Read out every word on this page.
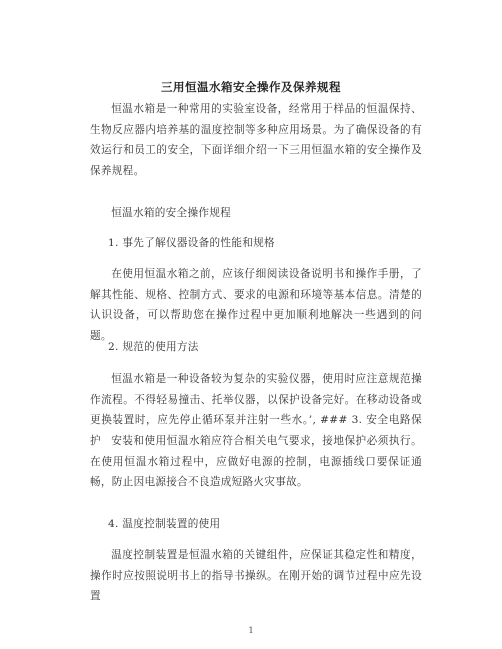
三用恒温水箱安全操作及保养规程

恒温水箱是一种常用的实验室设备，经常用于样品的恒温保持、生物反应器内培养基的温度控制等多种应用场景。为了确保设备的有效运行和员工的安全，下面详细介绍一下三用恒温水箱的安全操作及保养规程。

恒温水箱的安全操作规程

1. 事先了解仪器设备的性能和规格

在使用恒温水箱之前，应该仔细阅读设备说明书和操作手册，了解其性能、规格、控制方式、要求的电源和环境等基本信息。清楚的认识设备，可以帮助您在操作过程中更加顺利地解决一些遇到的问题。

2. 规范的使用方法

恒温水箱是一种设备较为复杂的实验仪器，使用时应注意规范操作流程。不得轻易撞击、托举仪器，以保护设备完好。在移动设备或更换装置时，应先停止循环泵并注射一些水。’, ### 3. 安全电路保护 安装和使用恒温水箱应符合相关电气要求，接地保护必须执行。在使用恒温水箱过程中，应做好电源的控制，电源插线口要保证通畅，防止因电源接合不良造成短路火灾事故。

4. 温度控制装置的使用

温度控制装置是恒温水箱的关键组件，应保证其稳定性和精度，操作时应按照说明书上的指导书操纵。在刚开始的调节过程中应先设置

1
